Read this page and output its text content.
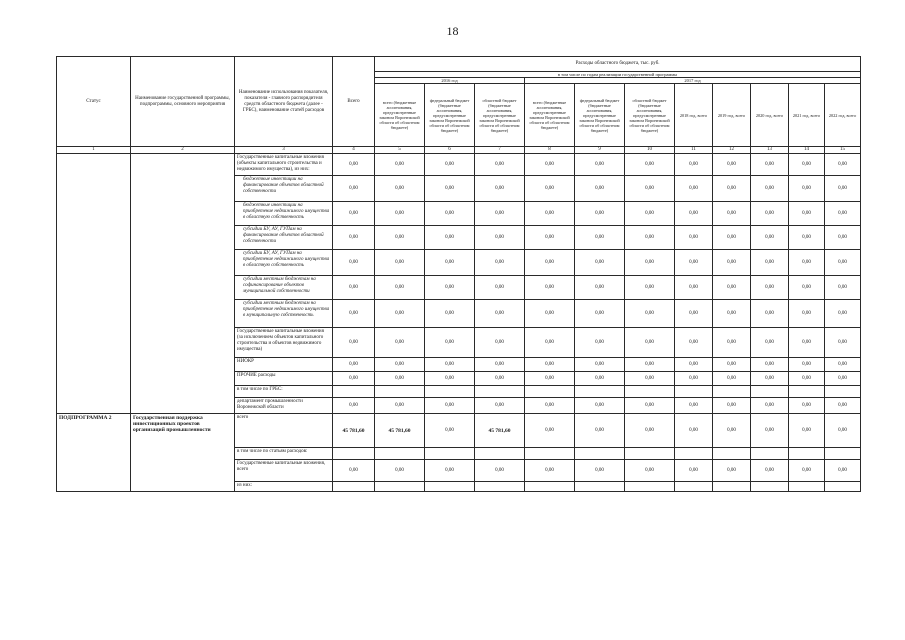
18
Статус	Наименование государственной программы, подпрограммы, основного мероприятия	Наименование использования показателя, показателя - главного распорядителя средств областного бюджета (далее - ГРБС), наименование статей расходов	Всего	Расходы областного бюджета, тыс. руб.										
				в том числе по годам реализации государственной программы										
				2016 год			2017 год							
				всего (бюджетные ассигнования, предусмотренные законом Воронежской области об областном бюджете)	федеральный бюджет (бюджетные ассигнования, предусмотренные законом Воронежской области об областном бюджете)	областной бюджет (бюджетные ассигнования, предусмотренные законом Воронежской области об областном бюджете)	всего (бюджетные ассигнования, предусмотренные законом Воронежской области об областном бюджете)	федеральный бюджет (бюджетные ассигнования, предусмотренные законом Воронежской области об областном бюджете)	областной бюджет (бюджетные ассигнования, предусмотренные законом Воронежской области об областном бюджете)	2018 год, всего	2019 год, всего	2020 год, всего	2021 год, всего	2022 год, всего
1	2	3	4	5	6	7	8	9	10	11	12	13	14	15
		Государственные капитальные вложения (объекты капитального строительства и недвижимого имущества), из них:	0,00	0,00	0,00	0,00	0,00	0,00	0,00	0,00	0,00	0,00	0,00	0,00
		бюджетные инвестиции на финансирование объектов областной собственности	0,00	0,00	0,00	0,00	0,00	0,00	0,00	0,00	0,00	0,00	0,00	0,00
		бюджетные инвестиции на приобретение недвижимого имущества в областную собственность	0,00	0,00	0,00	0,00	0,00	0,00	0,00	0,00	0,00	0,00	0,00	0,00
		субсидии БУ, АУ, ГУПам на финансирование объектов областной собственности	0,00	0,00	0,00	0,00	0,00	0,00	0,00	0,00	0,00	0,00	0,00	0,00
		субсидии БУ, АУ, ГУПам на приобретение недвижимого имущества в областную собственность	0,00	0,00	0,00	0,00	0,00	0,00	0,00	0,00	0,00	0,00	0,00	0,00
		субсидии местным бюджетам на софинансирование объектов муниципальной собственности	0,00	0,00	0,00	0,00	0,00	0,00	0,00	0,00	0,00	0,00	0,00	0,00
		субсидии местным бюджетам на приобретение недвижимого имущества в муниципальную собственность	0,00	0,00	0,00	0,00	0,00	0,00	0,00	0,00	0,00	0,00	0,00	0,00
		Государственные капитальные вложения (за исключением объектов капитального строительства и объектов недвижимого имущества)	0,00	0,00	0,00	0,00	0,00	0,00	0,00	0,00	0,00	0,00	0,00	0,00
		НИОКР	0,00	0,00	0,00	0,00	0,00	0,00	0,00	0,00	0,00	0,00	0,00	0,00
		ПРОЧИЕ расходы	0,00	0,00	0,00	0,00	0,00	0,00	0,00	0,00	0,00	0,00	0,00	0,00
		в том числе по ГРБС:												
		департамент промышленности Воронежской области	0,00	0,00	0,00	0,00	0,00	0,00	0,00	0,00	0,00	0,00	0,00	0,00
ПОДПРОГРАММА 2	Государственная поддержка инвестиционных проектов организаций промышленности	всего	45 781,60	45 781,60	0,00	45 781,60	0,00	0,00	0,00	0,00	0,00	0,00	0,00	0,00
		в том числе по статьям расходов:												
		Государственные капитальные вложения, всего	0,00	0,00	0,00	0,00	0,00	0,00	0,00	0,00	0,00	0,00	0,00	0,00
		из них:												
